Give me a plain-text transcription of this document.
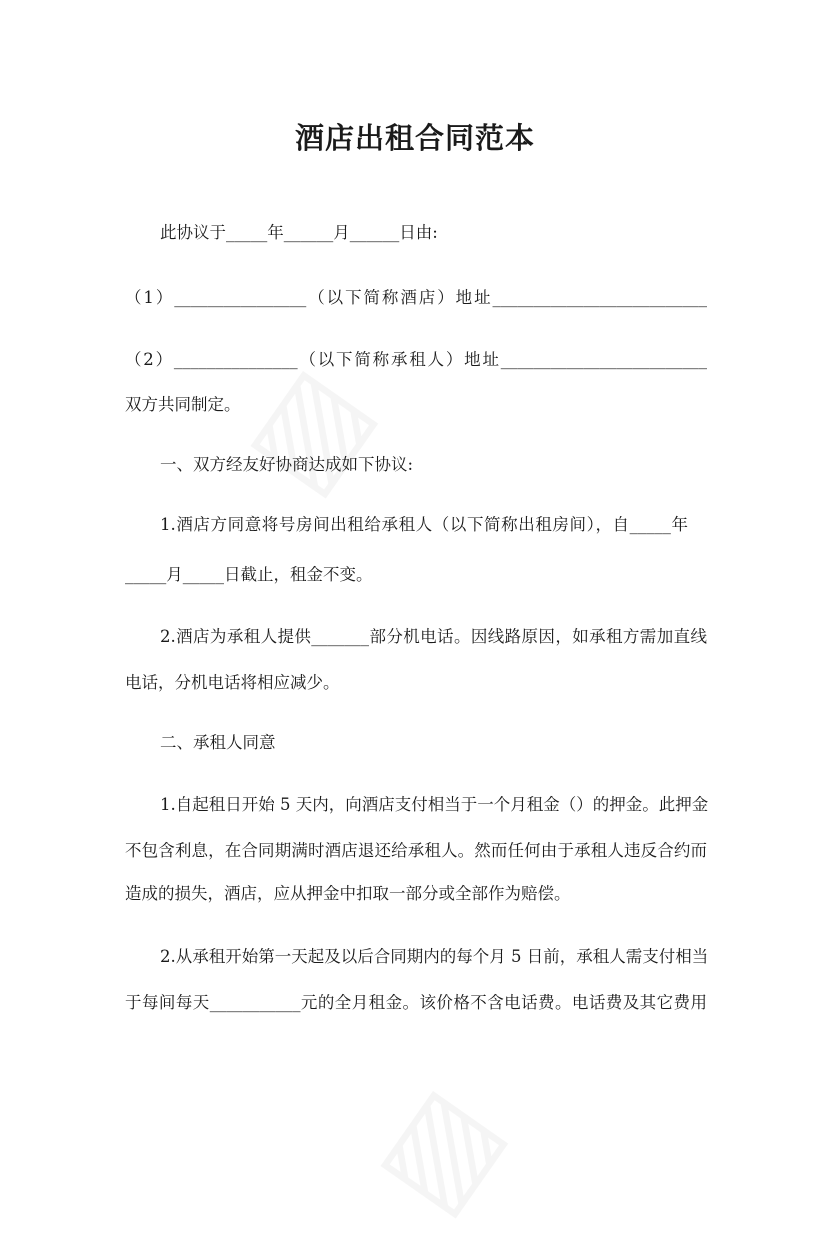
酒店出租合同范本
此协议于_____年______月______日由:
（1）________________（以下简称酒店）地址__________________________
（2）_______________（以下简称承租人）地址_________________________
双方共同制定。
一、双方经友好协商达成如下协议:
1.酒店方同意将号房间出租给承租人（以下简称出租房间），自_____年
_____月_____日截止，租金不变。
2.酒店为承租人提供_______部分机电话。因线路原因，如承租方需加直线
电话，分机电话将相应减少。
二、承租人同意
1.自起租日开始 5 天内，向酒店支付相当于一个月租金（）的押金。此押金
不包含利息，在合同期满时酒店退还给承租人。然而任何由于承租人违反合约而
造成的损失，酒店，应从押金中扣取一部分或全部作为赔偿。
2.从承租开始第一天起及以后合同期内的每个月 5 日前，承租人需支付相当
于每间每天___________元的全月租金。该价格不含电话费。电话费及其它费用
